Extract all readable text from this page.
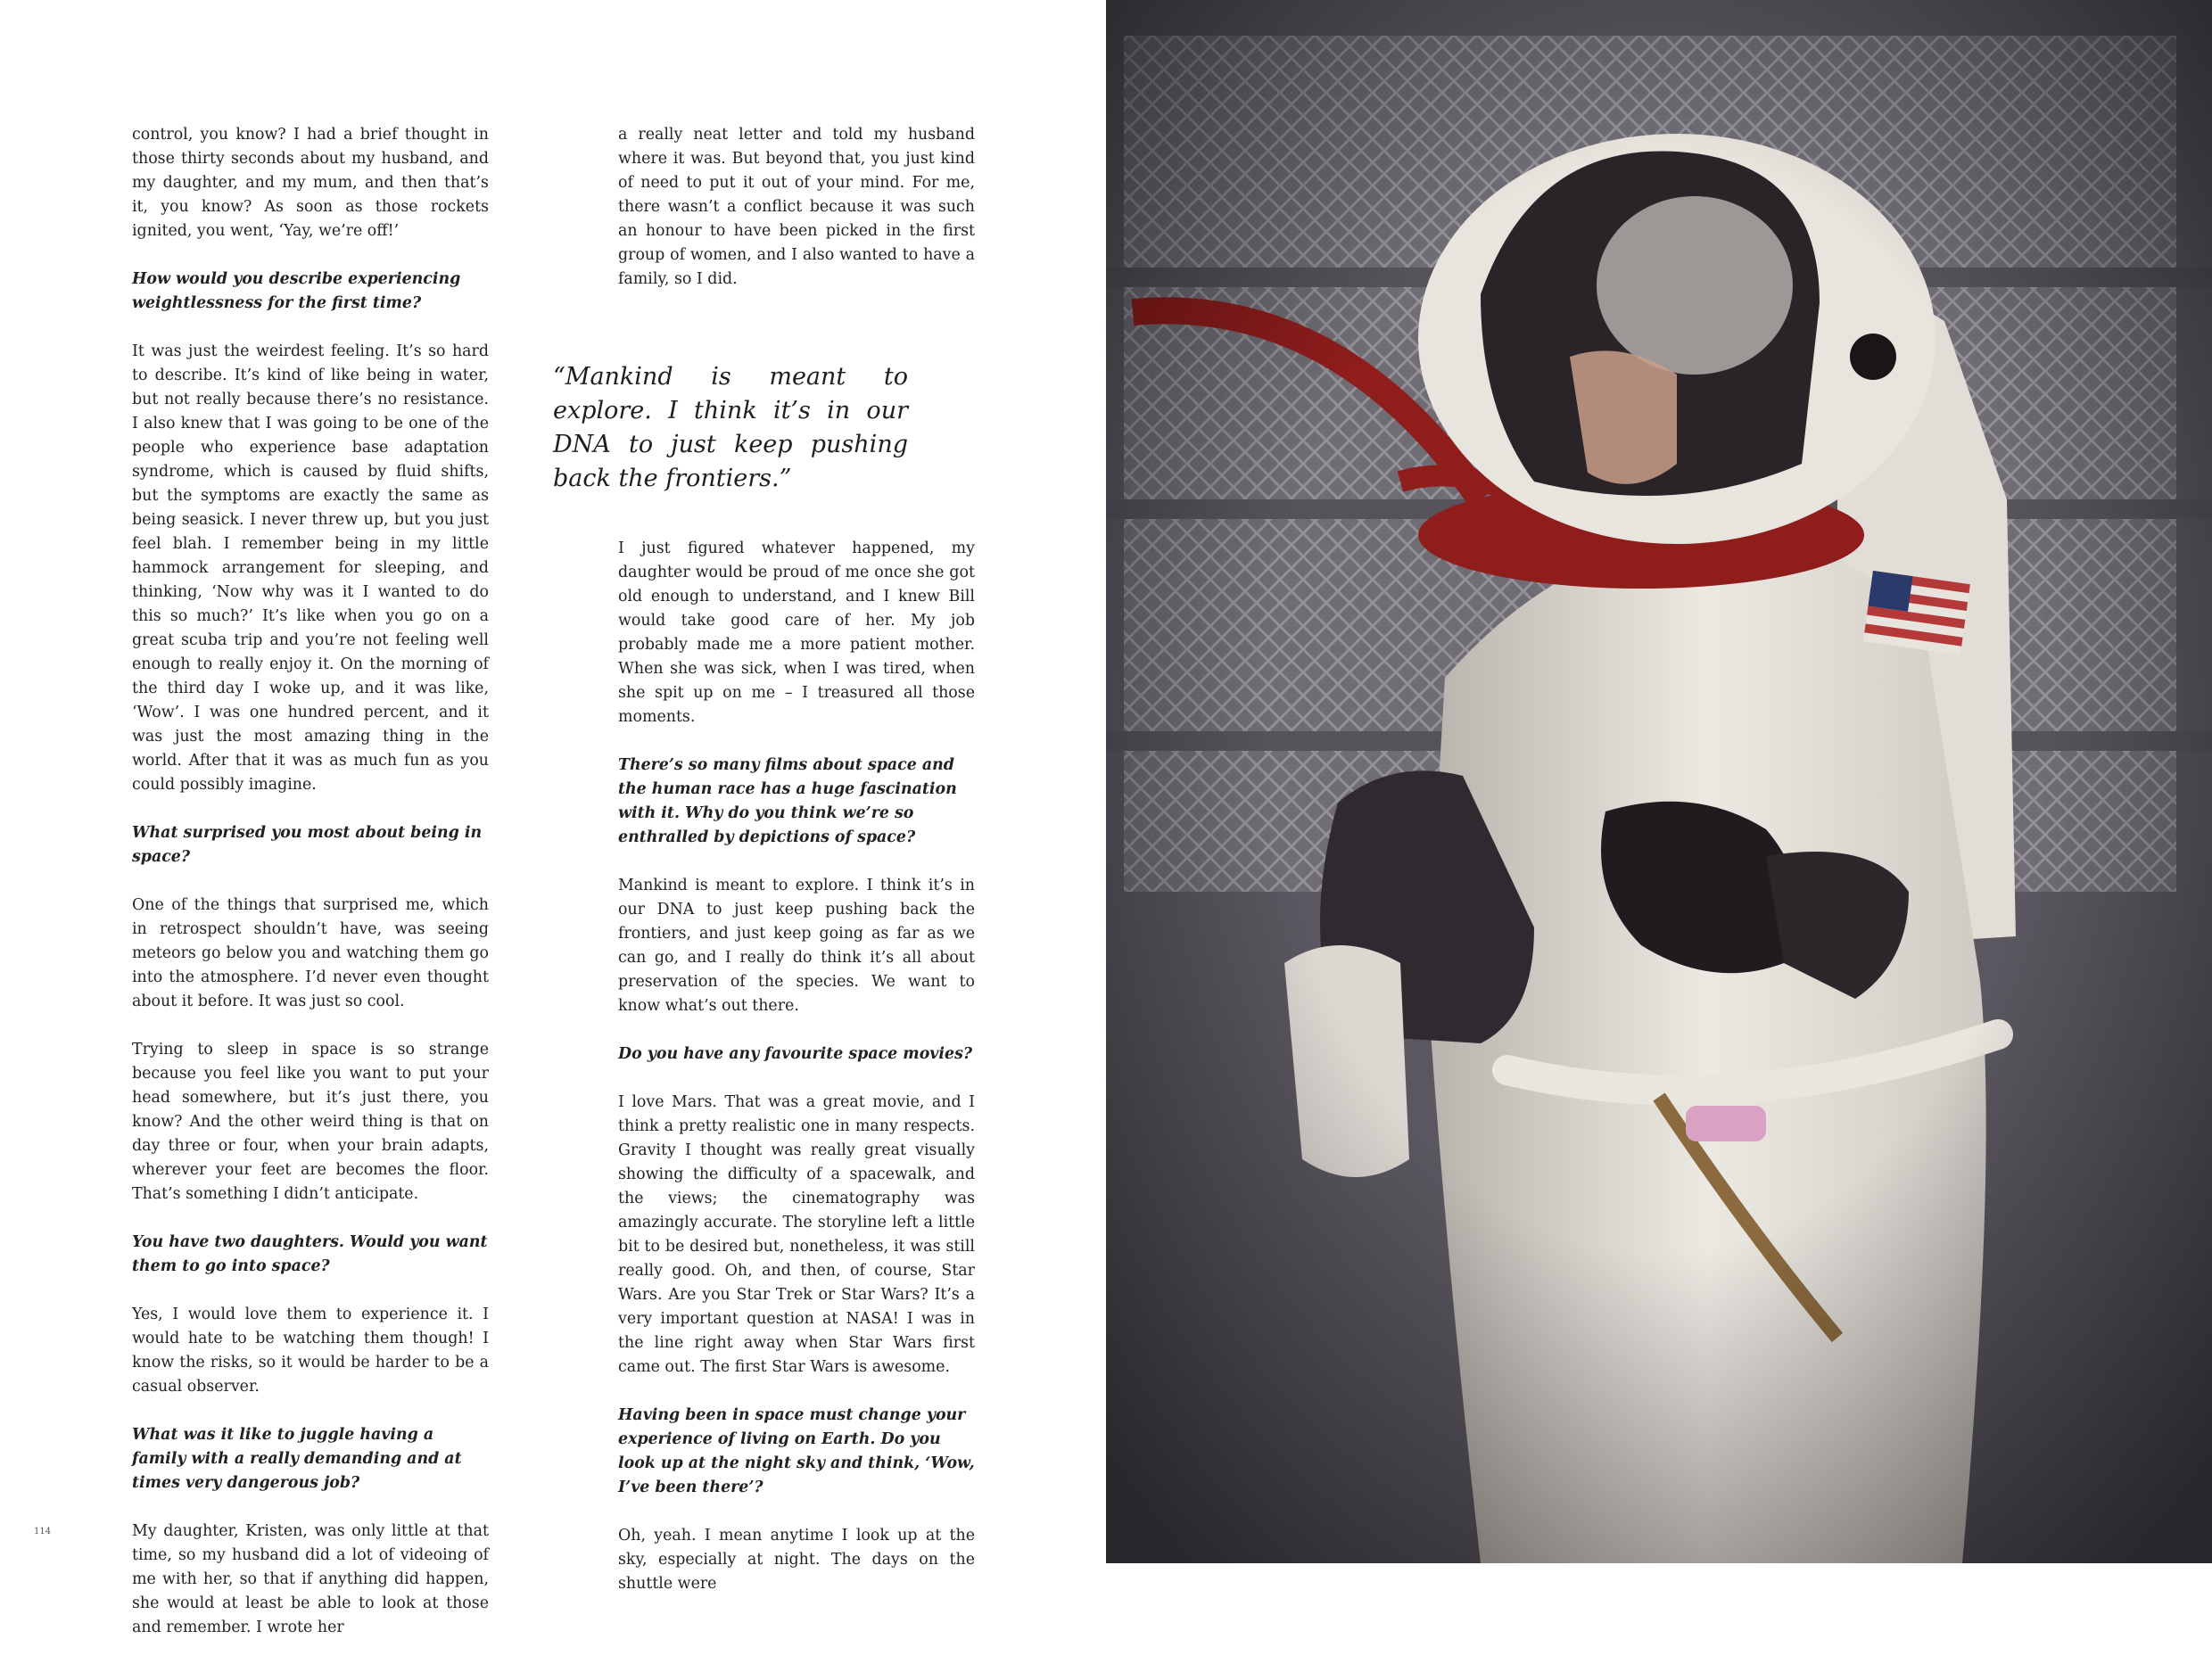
control, you know? I had a brief thought in those thirty seconds about my husband, and my daughter, and my mum, and then that’s it, you know? As soon as those rockets ignited, you went, ‘Yay, we’re off!’

How would you describe experiencing weightlessness for the first time?

It was just the weirdest feeling. It’s so hard to describe. It’s kind of like being in water, but not really because there’s no resistance. I also knew that I was going to be one of the people who experience base adaptation syndrome, which is caused by fluid shifts, but the symptoms are exactly the same as being seasick. I never threw up, but you just feel blah. I remember being in my little hammock arrangement for sleeping, and thinking, ‘Now why was it I wanted to do this so much?’ It’s like when you go on a great scuba trip and you’re not feeling well enough to really enjoy it. On the morning of the third day I woke up, and it was like, ‘Wow’. I was one hundred percent, and it was just the most amazing thing in the world. After that it was as much fun as you could possibly imagine.

What surprised you most about being in space?

One of the things that surprised me, which in retrospect shouldn’t have, was seeing meteors go below you and watching them go into the atmosphere. I’d never even thought about it before. It was just so cool.

Trying to sleep in space is so strange because you feel like you want to put your head somewhere, but it’s just there, you know? And the other weird thing is that on day three or four, when your brain adapts, wherever your feet are becomes the floor. That’s something I didn’t anticipate.

You have two daughters. Would you want them to go into space?

Yes, I would love them to experience it. I would hate to be watching them though! I know the risks, so it would be harder to be a casual observer.

What was it like to juggle having a family with a really demanding and at times very dangerous job?

My daughter, Kristen, was only little at that time, so my husband did a lot of videoing of me with her, so that if anything did happen, she would at least be able to look at those and remember. I wrote her

a really neat letter and told my husband where it was. But beyond that, you just kind of need to put it out of your mind. For me, there wasn’t a conflict because it was such an honour to have been picked in the first group of women, and I also wanted to have a family, so I did.

“Mankind is meant to explore. I think it’s in our DNA to just keep pushing back the frontiers.”

I just figured whatever happened, my daughter would be proud of me once she got old enough to understand, and I knew Bill would take good care of her. My job probably made me a more patient mother. When she was sick, when I was tired, when she spit up on me – I treasured all those moments.

There’s so many films about space and the human race has a huge fascination with it. Why do you think we’re so enthralled by depictions of space?

Mankind is meant to explore. I think it’s in our DNA to just keep pushing back the frontiers, and just keep going as far as we can go, and I really do think it’s all about preservation of the species. We want to know what’s out there.

Do you have any favourite space movies?

I love Mars. That was a great movie, and I think a pretty realistic one in many respects. Gravity I thought was really great visually showing the difficulty of a spacewalk, and the views; the cinematography was amazingly accurate. The storyline left a little bit to be desired but, nonetheless, it was still really good. Oh, and then, of course, Star Wars. Are you Star Trek or Star Wars? It’s a very important question at NASA! I was in the line right away when Star Wars first came out. The first Star Wars is awesome.

Having been in space must change your experience of living on Earth. Do you look up at the night sky and think, ‘Wow, I’ve been there’?

Oh, yeah. I mean anytime I look up at the sky, especially at night. The days on the shuttle were

114
